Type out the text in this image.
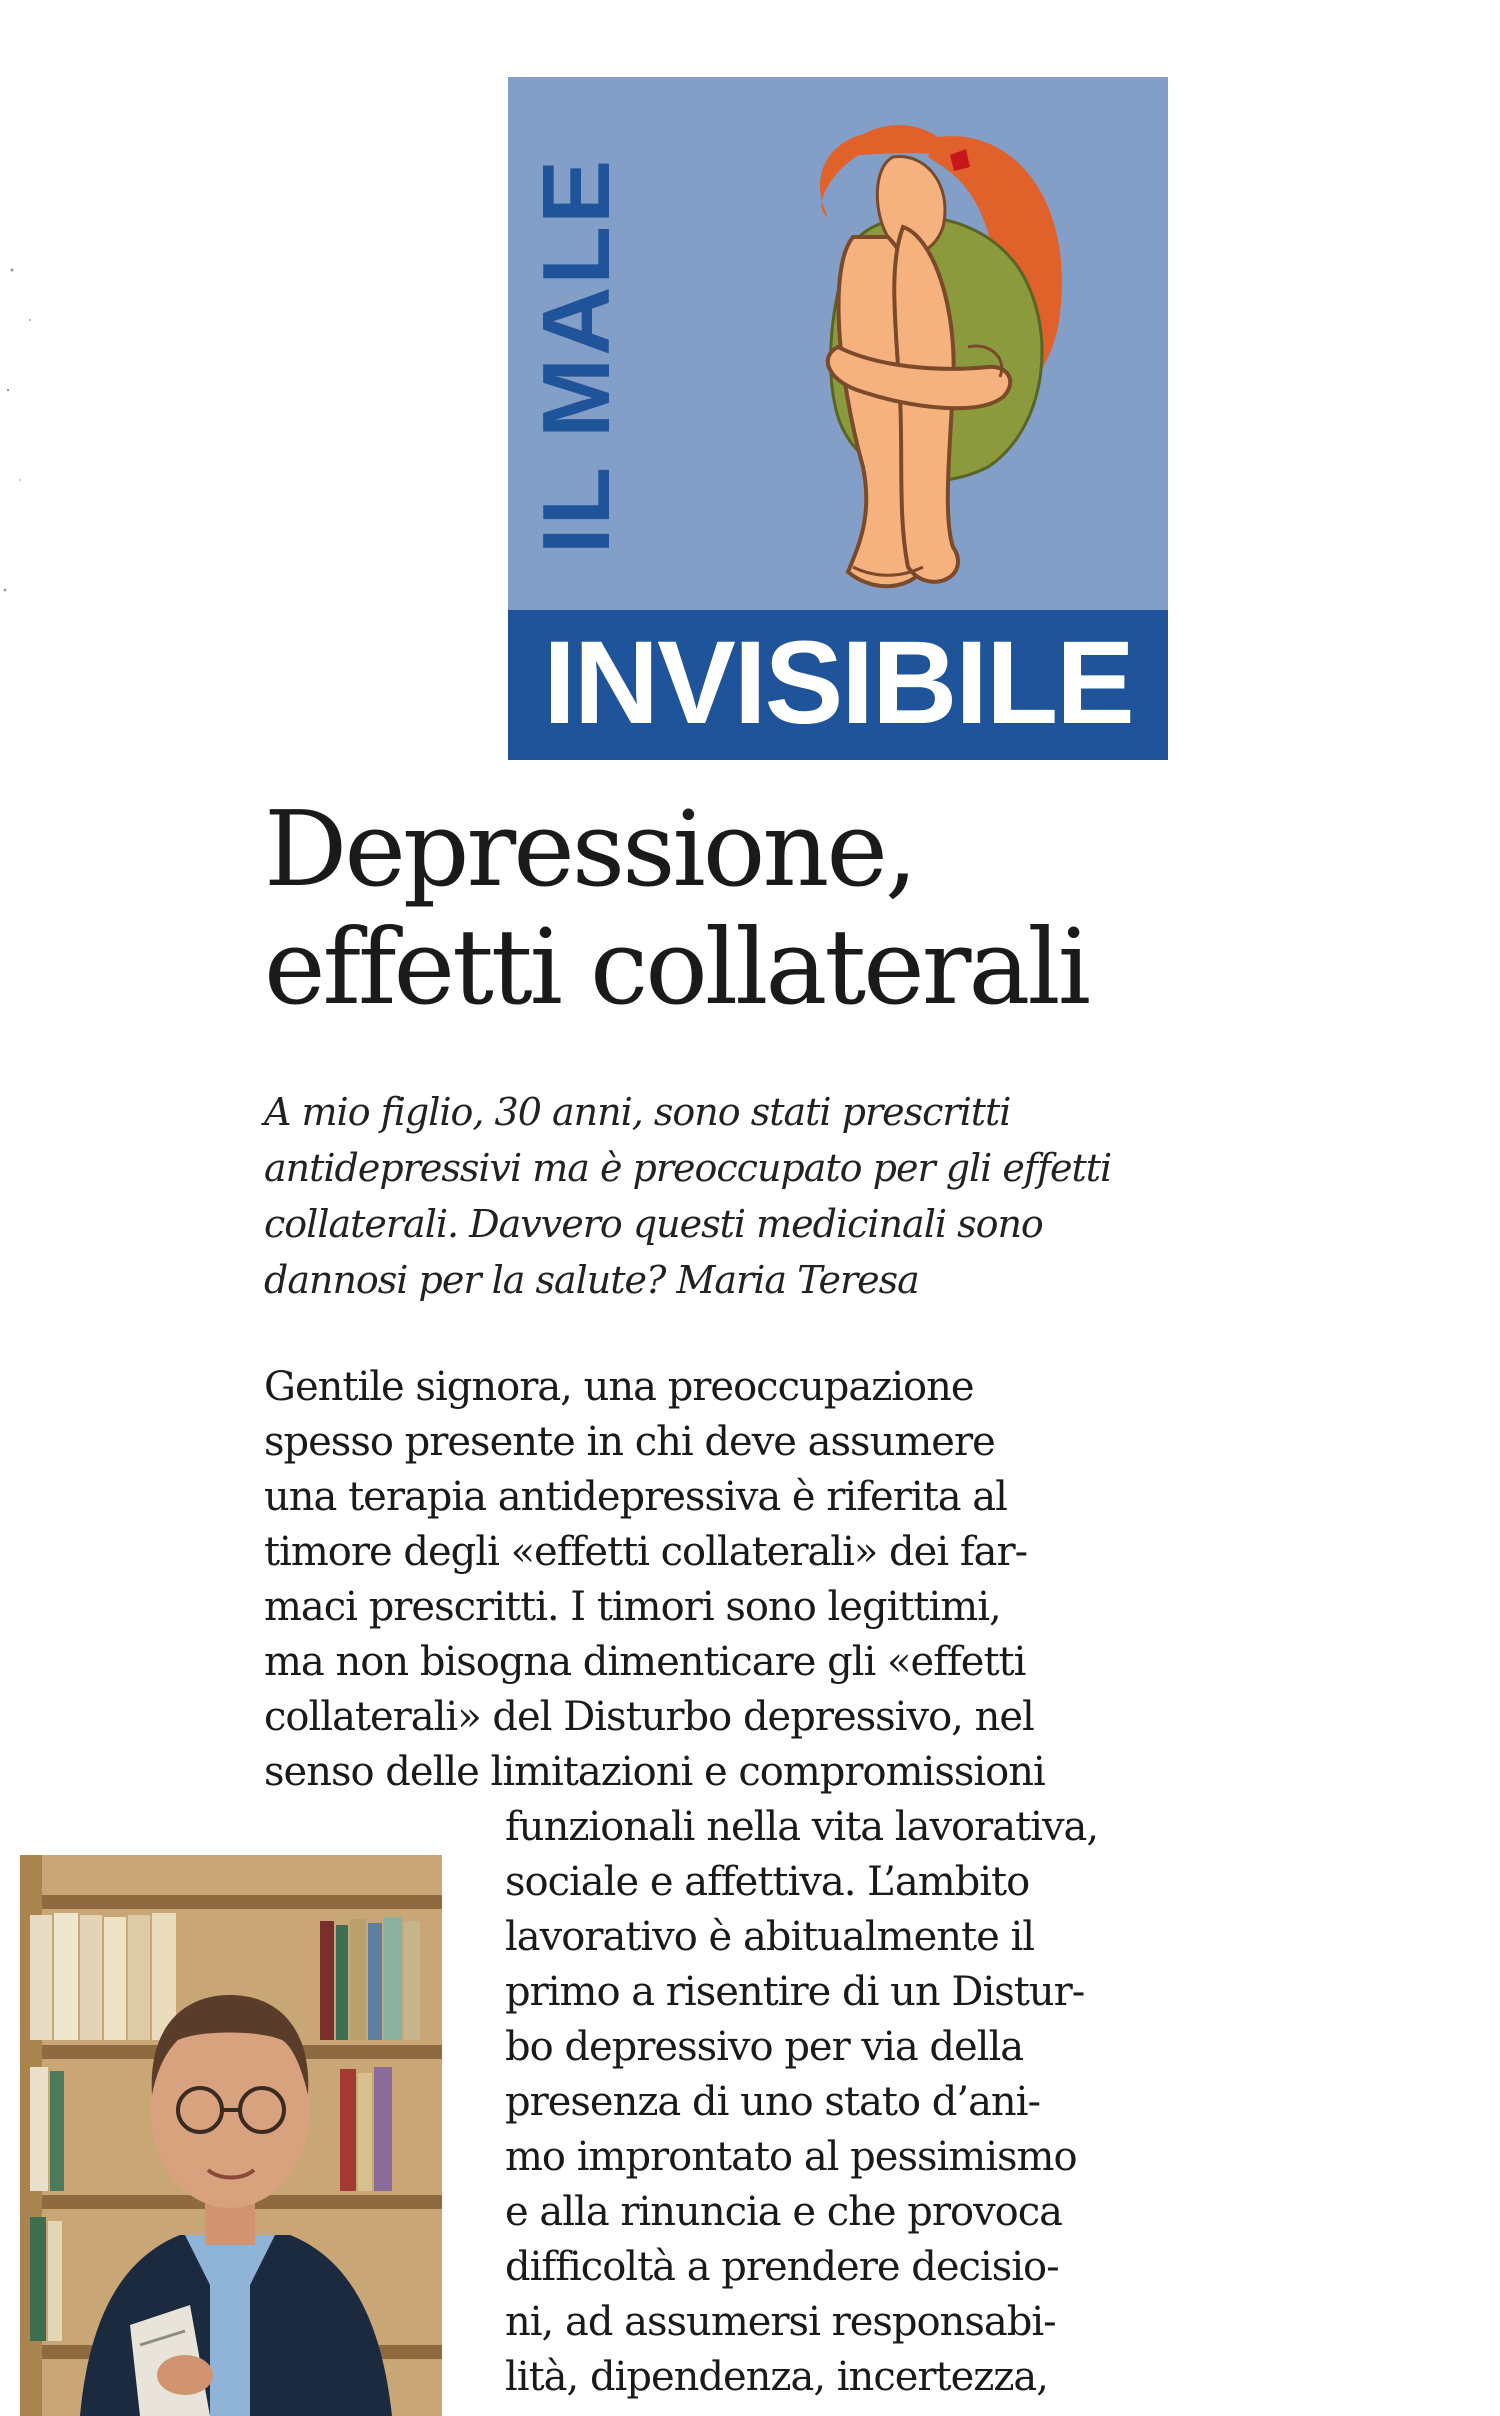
IL MALE
INVISIBILE
Depressione,
effetti collaterali

A mio figlio, 30 anni, sono stati prescritti
antidepressivi ma è preoccupato per gli effetti
collaterali. Davvero questi medicinali sono
dannosi per la salute? Maria Teresa

Gentile signora, una preoccupazione
spesso presente in chi deve assumere
una terapia antidepressiva è riferita al
timore degli «effetti collaterali» dei far-
maci prescritti. I timori sono legittimi,
ma non bisogna dimenticare gli «effetti
collaterali» del Disturbo depressivo, nel
senso delle limitazioni e compromissioni
funzionali nella vita lavorativa,
sociale e affettiva. L’ambito
lavorativo è abitualmente il
primo a risentire di un Distur-
bo depressivo per via della
presenza di uno stato d’ani-
mo improntato al pessimismo
e alla rinuncia e che provoca
difficoltà a prendere decisio-
ni, ad assumersi responsabi-
lità, dipendenza, incertezza,
